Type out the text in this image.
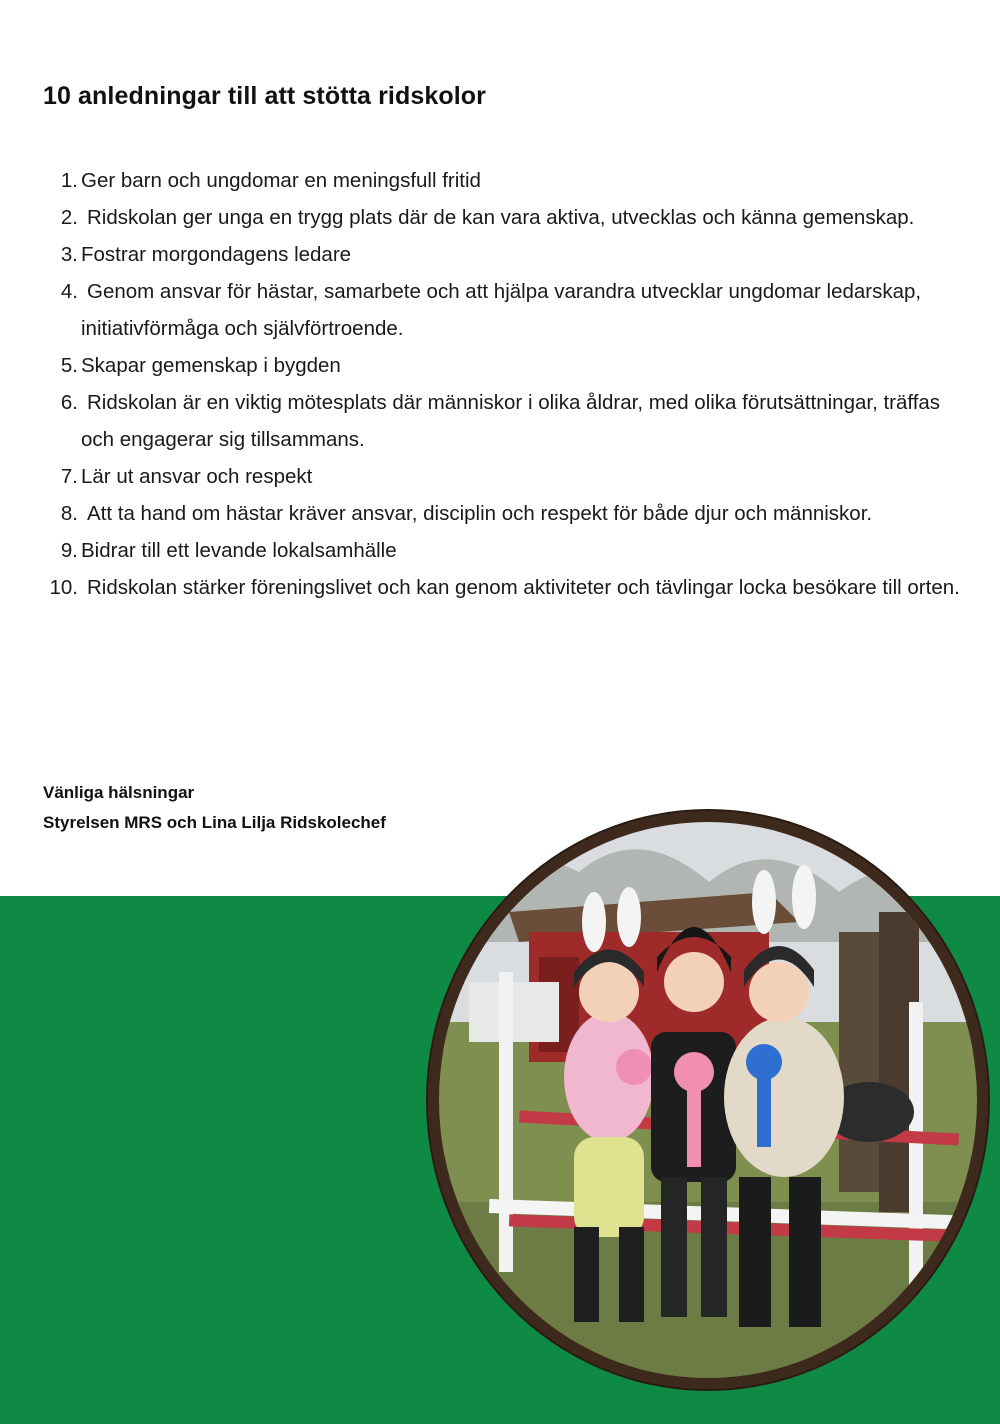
10 anledningar till att stötta ridskolor
1. Ger barn och ungdomar en meningsfull fritid
2. Ridskolan ger unga en trygg plats där de kan vara aktiva, utvecklas och känna gemenskap.
3. Fostrar morgondagens ledare
4. Genom ansvar för hästar, samarbete och att hjälpa varandra utvecklar ungdomar ledarskap, initiativförmåga och självförtroende.
5. Skapar gemenskap i bygden
6. Ridskolan är en viktig mötesplats där människor i olika åldrar, med olika förutsättningar, träffas och engagerar sig tillsammans.
7. Lär ut ansvar och respekt
8. Att ta hand om hästar kräver ansvar, disciplin och respekt för både djur och människor.
9. Bidrar till ett levande lokalsamhälle
10. Ridskolan stärker föreningslivet och kan genom aktiviteter och tävlingar locka besökare till orten.
Vänliga hälsningar
Styrelsen MRS och Lina Lilja Ridskolechef
